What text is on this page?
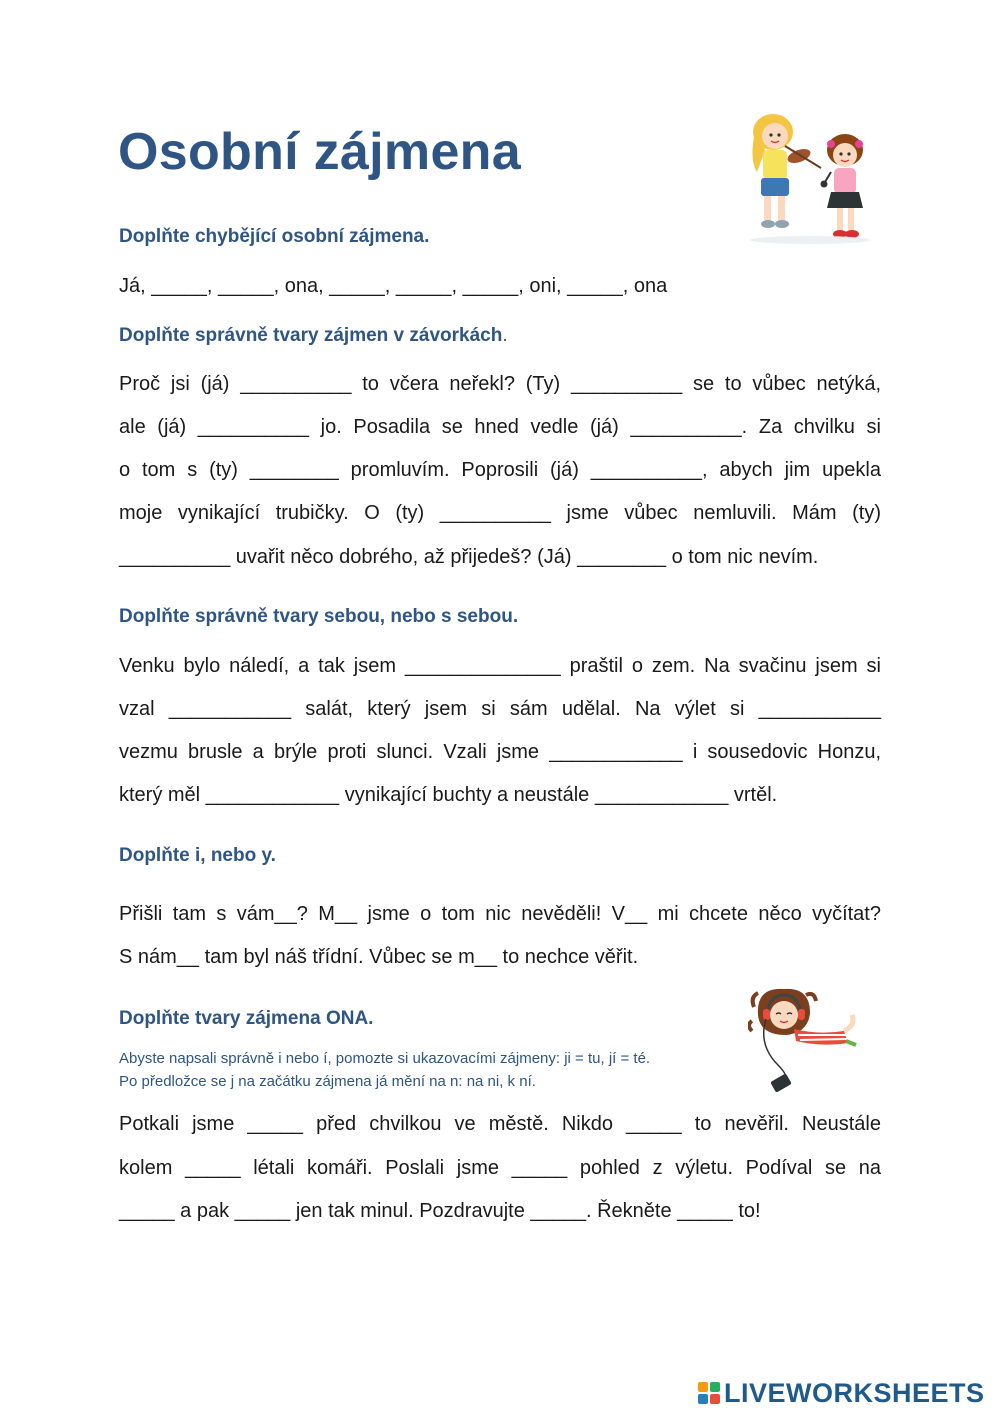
Osobní zájmena
Doplňte chybějící osobní zájmena.
Já, _____, _____, ona, _____, _____, _____, oni, _____, ona
Doplňte správně tvary zájmen v závorkách.
Proč jsi (já) __________ to včera neřekl? (Ty) __________ se to vůbec netýká,
ale (já) __________ jo. Posadila se hned vedle (já) __________. Za chvilku si
o tom s (ty) ________ promluvím. Poprosili (já) __________, abych jim upekla
moje vynikající trubičky. O (ty) __________ jsme vůbec nemluvili. Mám (ty)
__________ uvařit něco dobrého, až přijedeš? (Já) ________ o tom nic nevím.
Doplňte správně tvary sebou, nebo s sebou.
Venku bylo náledí, a tak jsem ______________ praštil o zem. Na svačinu jsem si
vzal ___________ salát, který jsem si sám udělal. Na výlet si ___________
vezmu brusle a brýle proti slunci. Vzali jsme ____________ i sousedovic Honzu,
který měl ____________ vynikající buchty a neustále ____________ vrtěl.
Doplňte i, nebo y.
Přišli tam s vám__? M__ jsme o tom nic nevěděli! V__ mi chcete něco vyčítat?
S nám__ tam byl náš třídní. Vůbec se m__ to nechce věřit.
Doplňte tvary zájmena ONA.
Abyste napsali správně i nebo í, pomozte si ukazovacími zájmeny: ji = tu, jí = té.
Po předložce se j na začátku zájmena já mění na n: na ni, k ní.
Potkali jsme _____ před chvilkou ve městě. Nikdo _____ to nevěřil. Neustále
kolem _____ létali komáři. Poslali jsme _____ pohled z výletu. Podíval se na
_____ a pak _____ jen tak minul. Pozdravujte _____. Řekněte _____ to!
LIVEWORKSHEETS
